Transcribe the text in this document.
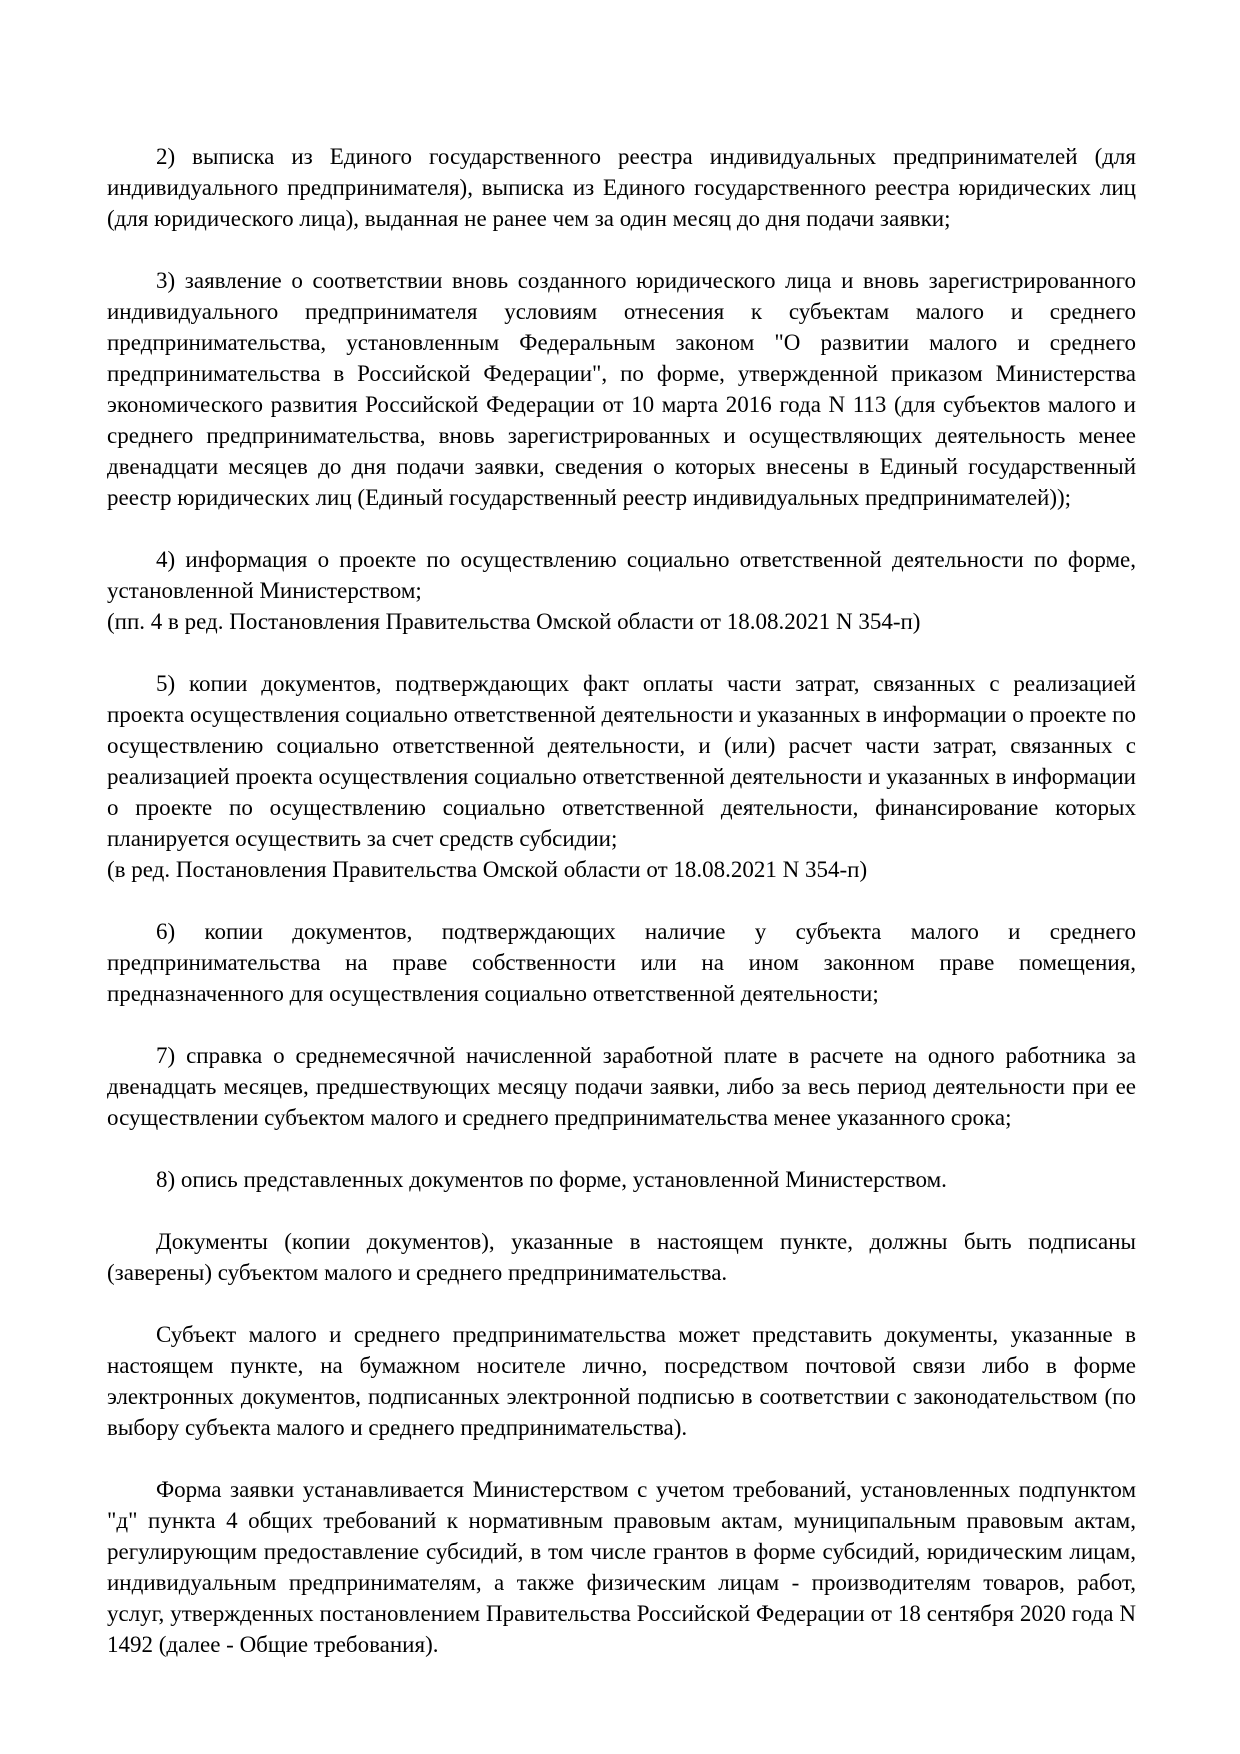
2) выписка из Единого государственного реестра индивидуальных предпринимателей (для индивидуального предпринимателя), выписка из Единого государственного реестра юридических лиц (для юридического лица), выданная не ранее чем за один месяц до дня подачи заявки;

3) заявление о соответствии вновь созданного юридического лица и вновь зарегистрированного индивидуального предпринимателя условиям отнесения к субъектам малого и среднего предпринимательства, установленным Федеральным законом "О развитии малого и среднего предпринимательства в Российской Федерации", по форме, утвержденной приказом Министерства экономического развития Российской Федерации от 10 марта 2016 года N 113 (для субъектов малого и среднего предпринимательства, вновь зарегистрированных и осуществляющих деятельность менее двенадцати месяцев до дня подачи заявки, сведения о которых внесены в Единый государственный реестр юридических лиц (Единый государственный реестр индивидуальных предпринимателей));

4) информация о проекте по осуществлению социально ответственной деятельности по форме, установленной Министерством;

(пп. 4 в ред. Постановления Правительства Омской области от 18.08.2021 N 354-п)

5) копии документов, подтверждающих факт оплаты части затрат, связанных с реализацией проекта осуществления социально ответственной деятельности и указанных в информации о проекте по осуществлению социально ответственной деятельности, и (или) расчет части затрат, связанных с реализацией проекта осуществления социально ответственной деятельности и указанных в информации о проекте по осуществлению социально ответственной деятельности, финансирование которых планируется осуществить за счет средств субсидии;

(в ред. Постановления Правительства Омской области от 18.08.2021 N 354-п)

6) копии документов, подтверждающих наличие у субъекта малого и среднего предпринимательства на праве собственности или на ином законном праве помещения, предназначенного для осуществления социально ответственной деятельности;

7) справка о среднемесячной начисленной заработной плате в расчете на одного работника за двенадцать месяцев, предшествующих месяцу подачи заявки, либо за весь период деятельности при ее осуществлении субъектом малого и среднего предпринимательства менее указанного срока;

8) опись представленных документов по форме, установленной Министерством.

Документы (копии документов), указанные в настоящем пункте, должны быть подписаны (заверены) субъектом малого и среднего предпринимательства.

Субъект малого и среднего предпринимательства может представить документы, указанные в настоящем пункте, на бумажном носителе лично, посредством почтовой связи либо в форме электронных документов, подписанных электронной подписью в соответствии с законодательством (по выбору субъекта малого и среднего предпринимательства).

Форма заявки устанавливается Министерством с учетом требований, установленных подпунктом "д" пункта 4 общих требований к нормативным правовым актам, муниципальным правовым актам, регулирующим предоставление субсидий, в том числе грантов в форме субсидий, юридическим лицам, индивидуальным предпринимателям, а также физическим лицам - производителям товаров, работ, услуг, утвержденных постановлением Правительства Российской Федерации от 18 сентября 2020 года N 1492 (далее - Общие требования).
